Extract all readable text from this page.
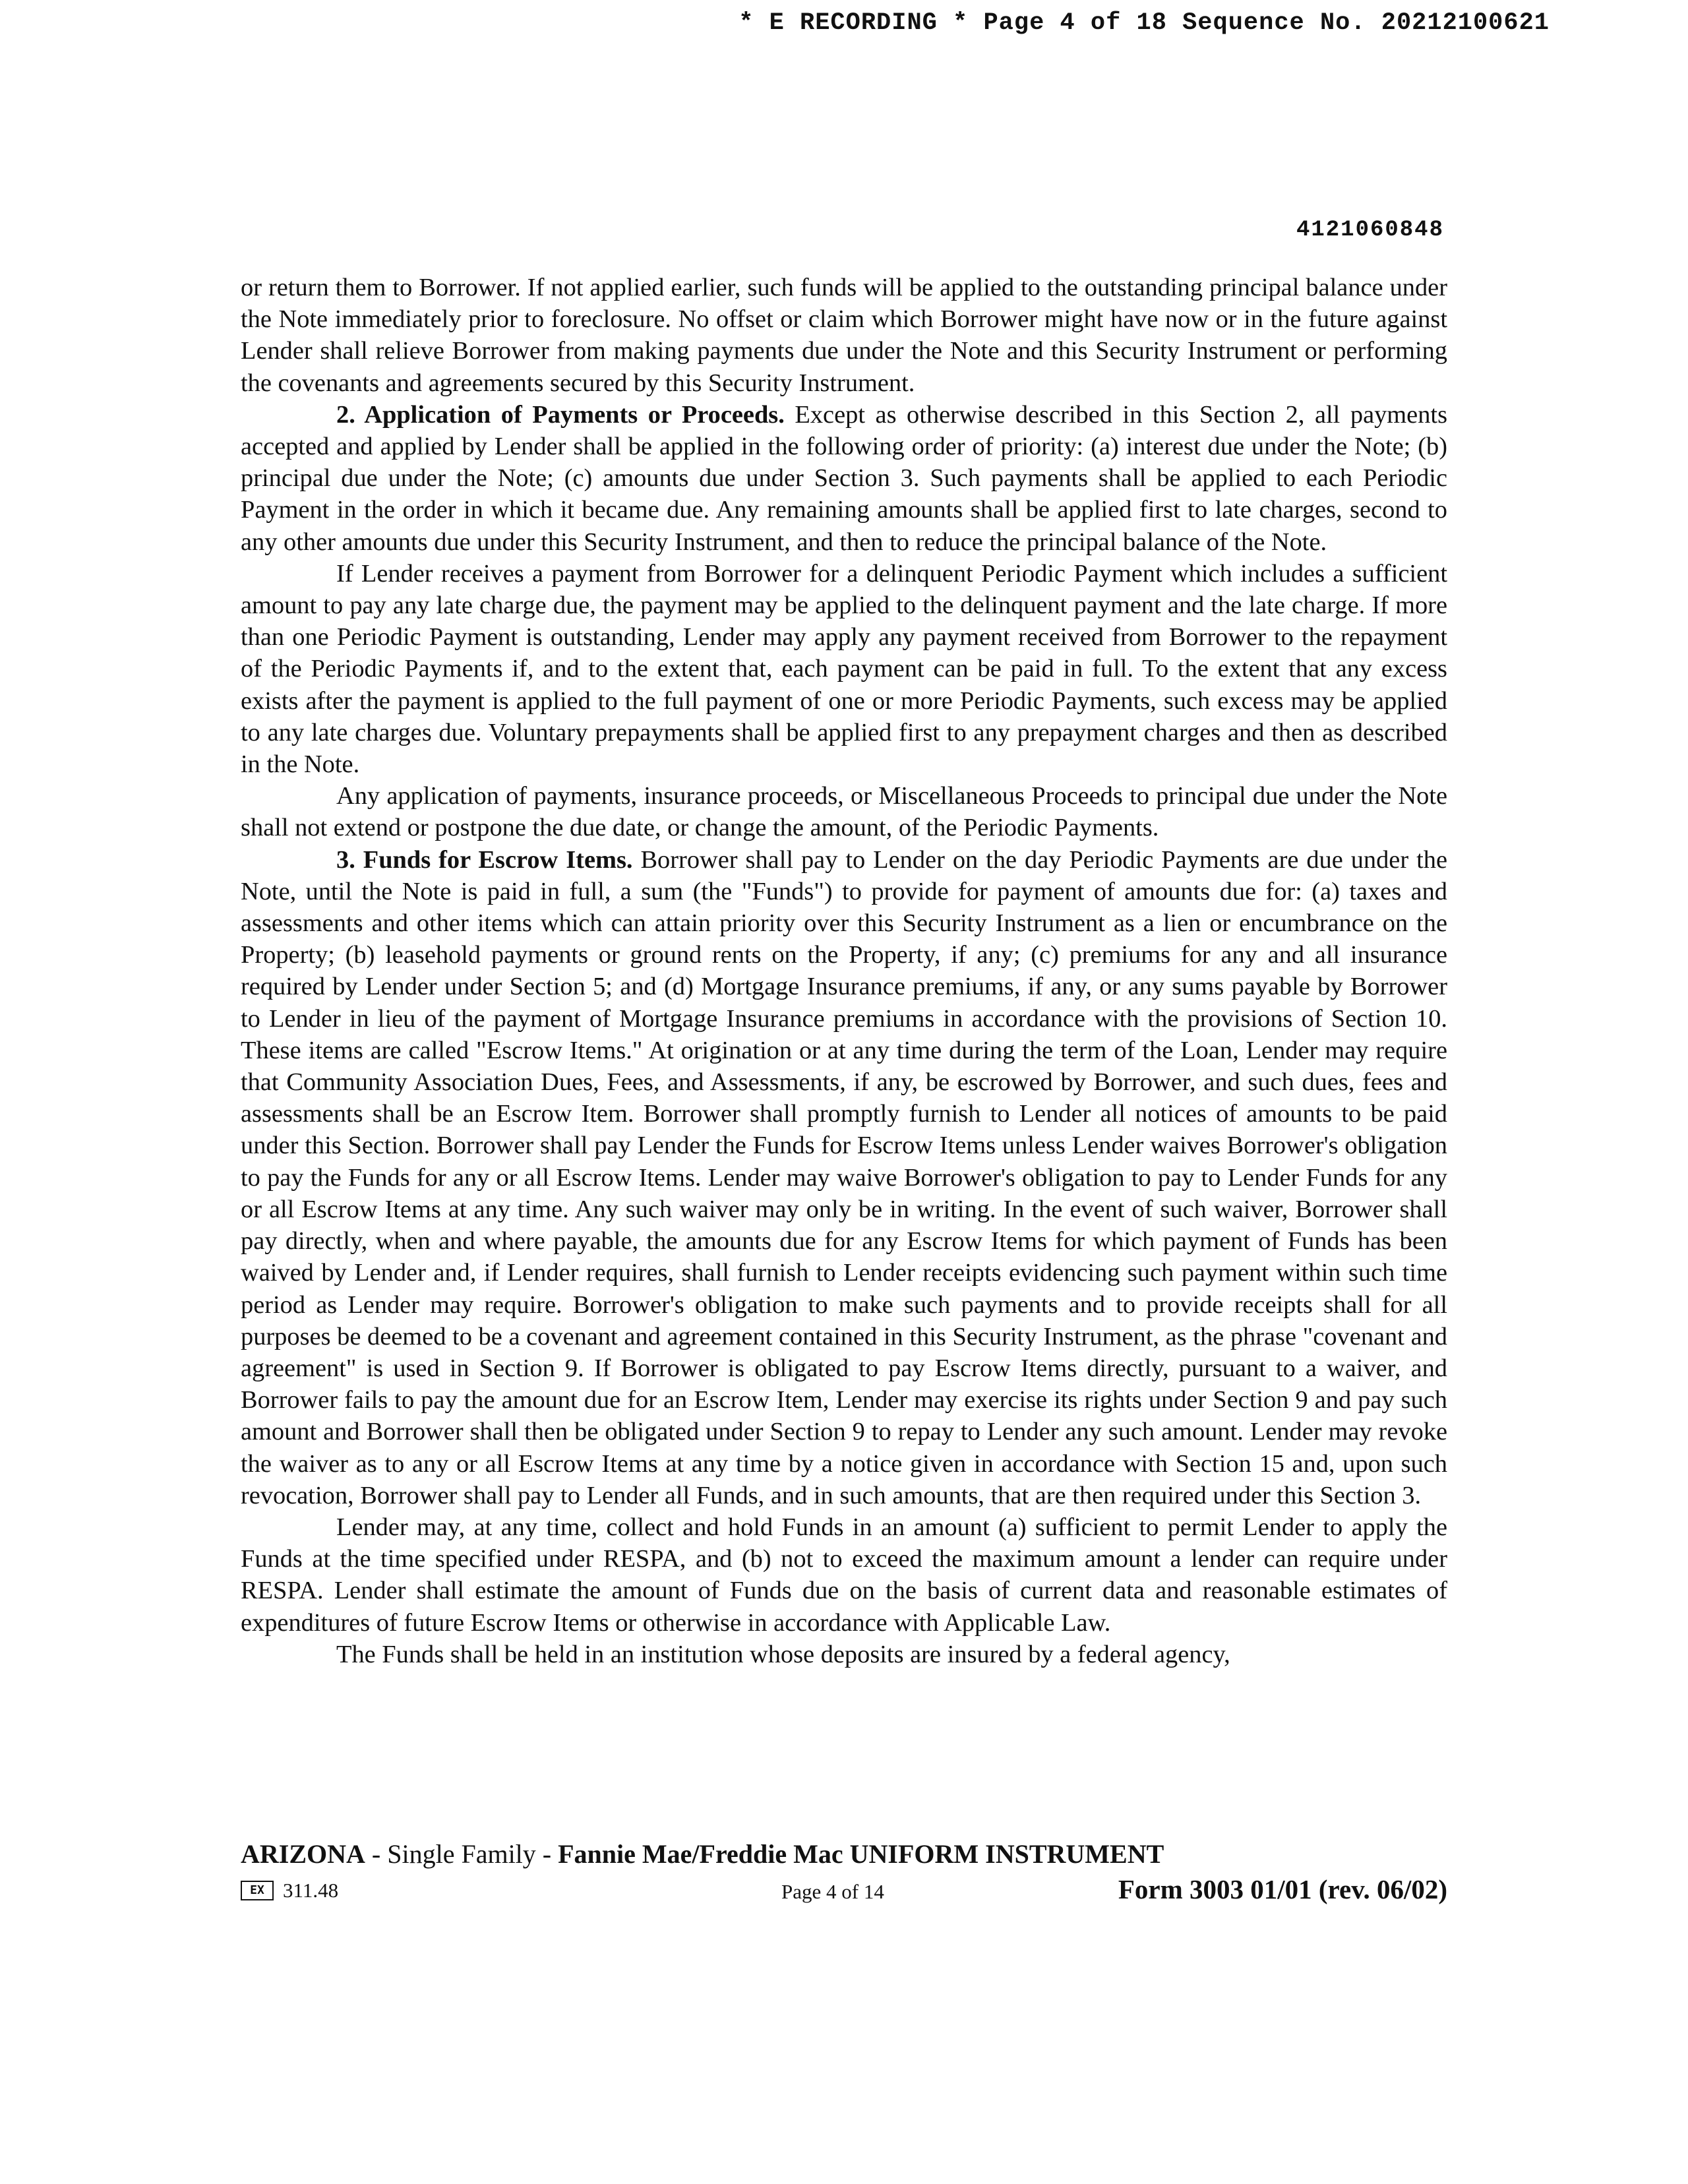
* E RECORDING * Page 4 of 18 Sequence No. 20212100621
4121060848

or return them to Borrower. If not applied earlier, such funds will be applied to the outstanding principal balance under the Note immediately prior to foreclosure. No offset or claim which Borrower might have now or in the future against Lender shall relieve Borrower from making payments due under the Note and this Security Instrument or performing the covenants and agreements secured by this Security Instrument.

2. Application of Payments or Proceeds. Except as otherwise described in this Section 2, all payments accepted and applied by Lender shall be applied in the following order of priority: (a) interest due under the Note; (b) principal due under the Note; (c) amounts due under Section 3. Such payments shall be applied to each Periodic Payment in the order in which it became due. Any remaining amounts shall be applied first to late charges, second to any other amounts due under this Security Instrument, and then to reduce the principal balance of the Note.

If Lender receives a payment from Borrower for a delinquent Periodic Payment which includes a sufficient amount to pay any late charge due, the payment may be applied to the delinquent payment and the late charge. If more than one Periodic Payment is outstanding, Lender may apply any payment received from Borrower to the repayment of the Periodic Payments if, and to the extent that, each payment can be paid in full. To the extent that any excess exists after the payment is applied to the full payment of one or more Periodic Payments, such excess may be applied to any late charges due. Voluntary prepayments shall be applied first to any prepayment charges and then as described in the Note.

Any application of payments, insurance proceeds, or Miscellaneous Proceeds to principal due under the Note shall not extend or postpone the due date, or change the amount, of the Periodic Payments.

3. Funds for Escrow Items. Borrower shall pay to Lender on the day Periodic Payments are due under the Note, until the Note is paid in full, a sum (the "Funds") to provide for payment of amounts due for: (a) taxes and assessments and other items which can attain priority over this Security Instrument as a lien or encumbrance on the Property; (b) leasehold payments or ground rents on the Property, if any; (c) premiums for any and all insurance required by Lender under Section 5; and (d) Mortgage Insurance premiums, if any, or any sums payable by Borrower to Lender in lieu of the payment of Mortgage Insurance premiums in accordance with the provisions of Section 10. These items are called "Escrow Items." At origination or at any time during the term of the Loan, Lender may require that Community Association Dues, Fees, and Assessments, if any, be escrowed by Borrower, and such dues, fees and assessments shall be an Escrow Item. Borrower shall promptly furnish to Lender all notices of amounts to be paid under this Section. Borrower shall pay Lender the Funds for Escrow Items unless Lender waives Borrower's obligation to pay the Funds for any or all Escrow Items. Lender may waive Borrower's obligation to pay to Lender Funds for any or all Escrow Items at any time. Any such waiver may only be in writing. In the event of such waiver, Borrower shall pay directly, when and where payable, the amounts due for any Escrow Items for which payment of Funds has been waived by Lender and, if Lender requires, shall furnish to Lender receipts evidencing such payment within such time period as Lender may require. Borrower's obligation to make such payments and to provide receipts shall for all purposes be deemed to be a covenant and agreement contained in this Security Instrument, as the phrase "covenant and agreement" is used in Section 9. If Borrower is obligated to pay Escrow Items directly, pursuant to a waiver, and Borrower fails to pay the amount due for an Escrow Item, Lender may exercise its rights under Section 9 and pay such amount and Borrower shall then be obligated under Section 9 to repay to Lender any such amount. Lender may revoke the waiver as to any or all Escrow Items at any time by a notice given in accordance with Section 15 and, upon such revocation, Borrower shall pay to Lender all Funds, and in such amounts, that are then required under this Section 3.

Lender may, at any time, collect and hold Funds in an amount (a) sufficient to permit Lender to apply the Funds at the time specified under RESPA, and (b) not to exceed the maximum amount a lender can require under RESPA. Lender shall estimate the amount of Funds due on the basis of current data and reasonable estimates of expenditures of future Escrow Items or otherwise in accordance with Applicable Law.

The Funds shall be held in an institution whose deposits are insured by a federal agency,

ARIZONA - Single Family - Fannie Mae/Freddie Mac UNIFORM INSTRUMENT
EX 311.48	Page 4 of 14	Form 3003 01/01 (rev. 06/02)
